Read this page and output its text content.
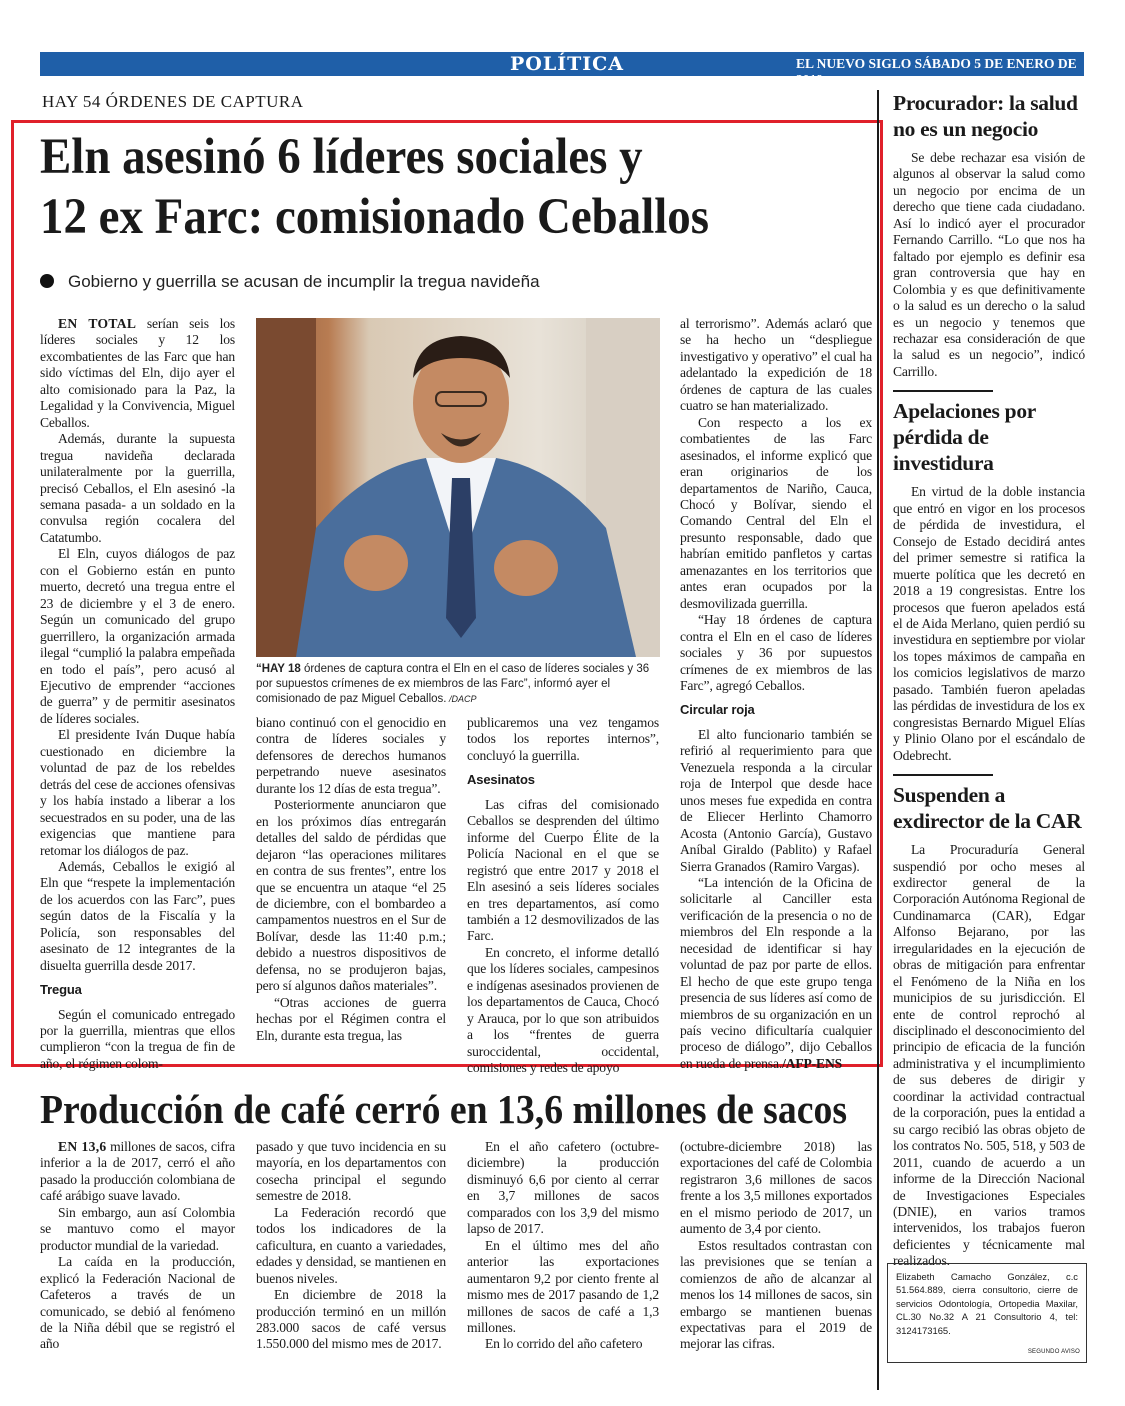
POLÍTICA	EL NUEVO SIGLO SÁBADO 5 DE ENERO DE 2019
7A
HAY 54 ÓRDENES DE CAPTURA
Eln asesinó 6 líderes sociales y
12 ex Farc: comisionado Ceballos
Gobierno y guerrilla se acusan de incumplir la tregua navideña

EN TOTAL serían seis los líderes sociales y 12 los excombatientes de las Farc que han sido víctimas del Eln, dijo ayer el alto comisionado para la Paz, la Legalidad y la Convivencia, Miguel Ceballos.

Además, durante la supuesta tregua navideña declarada unilateralmente por la guerrilla, precisó Ceballos, el Eln asesinó -la semana pasada- a un soldado en la convulsa región cocalera del Catatumbo.

El Eln, cuyos diálogos de paz con el Gobierno están en punto muerto, decretó una tregua entre el 23 de diciembre y el 3 de enero. Según un comunicado del grupo guerrillero, la organización armada ilegal “cumplió la palabra empeñada en todo el país”, pero acusó al Ejecutivo de emprender “acciones de guerra” y de permitir asesinatos de líderes sociales.

El presidente Iván Duque había cuestionado en diciembre la voluntad de paz de los rebeldes detrás del cese de acciones ofensivas y los había instado a liberar a los secuestrados en su poder, una de las exigencias que mantiene para retomar los diálogos de paz.

Además, Ceballos le exigió al Eln que “respete la implementación de los acuerdos con las Farc”, pues según datos de la Fiscalía y la Policía, son responsables del asesinato de 12 integrantes de la disuelta guerrilla desde 2017.

Tregua

Según el comunicado entregado por la guerrilla, mientras que ellos cumplieron “con la tregua de fin de año, el régimen colom-

“HAY 18 órdenes de captura contra el Eln en el caso de líderes sociales y 36 por supuestos crímenes de ex miembros de las Farc”, informó ayer el comisionado de paz Miguel Ceballos. /DACP

biano continuó con el genocidio en contra de líderes sociales y defensores de derechos humanos perpetrando nueve asesinatos durante los 12 días de esta tregua”.

Posteriormente anunciaron que en los próximos días entregarán detalles del saldo de pérdidas que dejaron “las operaciones militares en contra de sus frentes”, entre los que se encuentra un ataque “el 25 de diciembre, con el bombardeo a campamentos nuestros en el Sur de Bolívar, desde las 11:40 p.m.; debido a nuestros dispositivos de defensa, no se produjeron bajas, pero sí algunos daños materiales”.

“Otras acciones de guerra hechas por el Régimen contra el Eln, durante esta tregua, las

publicaremos una vez tengamos todos los reportes internos”, concluyó la guerrilla.

Asesinatos

Las cifras del comisionado Ceballos se desprenden del último informe del Cuerpo Élite de la Policía Nacional en el que se registró que entre 2017 y 2018 el Eln asesinó a seis líderes sociales en tres departamentos, así como también a 12 desmovilizados de las Farc.

En concreto, el informe detalló que los líderes sociales, campesinos e indígenas asesinados provienen de los departamentos de Cauca, Chocó y Arauca, por lo que son atribuidos a los “frentes de guerra suroccidental, occidental, comisiones y redes de apoyo

al terrorismo”. Además aclaró que se ha hecho un “despliegue investigativo y operativo” el cual ha adelantado la expedición de 18 órdenes de captura de las cuales cuatro se han materializado.

Con respecto a los ex combatientes de las Farc asesinados, el informe explicó que eran originarios de los departamentos de Nariño, Cauca, Chocó y Bolívar, siendo el Comando Central del Eln el presunto responsable, dado que habrían emitido panfletos y cartas amenazantes en los territorios que antes eran ocupados por la desmovilizada guerrilla.

“Hay 18 órdenes de captura contra el Eln en el caso de líderes sociales y 36 por supuestos crímenes de ex miembros de las Farc”, agregó Ceballos.

Circular roja

El alto funcionario también se refirió al requerimiento para que Venezuela responda a la circular roja de Interpol que desde hace unos meses fue expedida en contra de Eliecer Herlinto Chamorro Acosta (Antonio García), Gustavo Aníbal Giraldo (Pablito) y Rafael Sierra Granados (Ramiro Vargas).

“La intención de la Oficina de solicitarle al Canciller esta verificación de la presencia o no de miembros del Eln responde a la necesidad de identificar si hay voluntad de paz por parte de ellos. El hecho de que este grupo tenga presencia de sus líderes así como de miembros de su organización en un país vecino dificultaría cualquier proceso de diálogo”, dijo Ceballos en rueda de prensa./AFP-ENS

Producción de café cerró en 13,6 millones de sacos

EN 13,6 millones de sacos, cifra inferior a la de 2017, cerró el año pasado la producción colombiana de café arábigo suave lavado.

Sin embargo, aun así Colombia se mantuvo como el mayor productor mundial de la variedad.

La caída en la producción, explicó la Federación Nacional de Cafeteros a través de un comunicado, se debió al fenómeno de la Niña débil que se registró el año

pasado y que tuvo incidencia en su mayoría, en los departamentos con cosecha principal el segundo semestre de 2018.

La Federación recordó que todos los indicadores de la caficultura, en cuanto a variedades, edades y densidad, se mantienen en buenos niveles.

En diciembre de 2018 la producción terminó en un millón 283.000 sacos de café versus 1.550.000 del mismo mes de 2017.

En el año cafetero (octubre-diciembre) la producción disminuyó 6,6 por ciento al cerrar en 3,7 millones de sacos comparados con los 3,9 del mismo lapso de 2017.

En el último mes del año anterior las exportaciones aumentaron 9,2 por ciento frente al mismo mes de 2017 pasando de 1,2 millones de sacos de café a 1,3 millones.

En lo corrido del año cafetero

(octubre-diciembre 2018) las exportaciones del café de Colombia registraron 3,6 millones de sacos frente a los 3,5 millones exportados en el mismo periodo de 2017, un aumento de 3,4 por ciento.

Estos resultados contrastan con las previsiones que se tenían a comienzos de año de alcanzar al menos los 14 millones de sacos, sin embargo se mantienen buenas expectativas para el 2019 de mejorar las cifras.

Procurador: la salud no es un negocio

Se debe rechazar esa visión de algunos al observar la salud como un negocio por encima de un derecho que tiene cada ciudadano. Así lo indicó ayer el procurador Fernando Carrillo. “Lo que nos ha faltado por ejemplo es definir esa gran controversia que hay en Colombia y es que definitivamente o la salud es un derecho o la salud es un negocio y tenemos que rechazar esa consideración de que la salud es un negocio”, indicó Carrillo.

Apelaciones por pérdida de investidura

En virtud de la doble instancia que entró en vigor en los procesos de pérdida de investidura, el Consejo de Estado decidirá antes del primer semestre si ratifica la muerte política que les decretó en 2018 a 19 congresistas. Entre los procesos que fueron apelados está el de Aida Merlano, quien perdió su investidura en septiembre por violar los topes máximos de campaña en los comicios legislativos de marzo pasado. También fueron apeladas las pérdidas de investidura de los ex congresistas Bernardo Miguel Elías y Plinio Olano por el escándalo de Odebrecht.

Suspenden a exdirector de la CAR

La Procuraduría General suspendió por ocho meses al exdirector general de la Corporación Autónoma Regional de Cundinamarca (CAR), Edgar Alfonso Bejarano, por las irregularidades en la ejecución de obras de mitigación para enfrentar el Fenómeno de la Niña en los municipios de su jurisdicción. El ente de control reprochó al disciplinado el desconocimiento del principio de eficacia de la función administrativa y el incumplimiento de sus deberes de dirigir y coordinar la actividad contractual de la corporación, pues la entidad a su cargo recibió las obras objeto de los contratos No. 505, 518, y 503 de 2011, cuando de acuerdo a un informe de la Dirección Nacional de Investigaciones Especiales (DNIE), en varios tramos intervenidos, los trabajos fueron deficientes y técnicamente mal realizados.

Elizabeth Camacho González, c.c 51.564.889, cierra consultorio, cierre de servicios Odontología, Ortopedia Maxilar, CL.30 No.32 A 21 Consultorio 4, tel: 3124173165.
SEGUNDO AVISO
